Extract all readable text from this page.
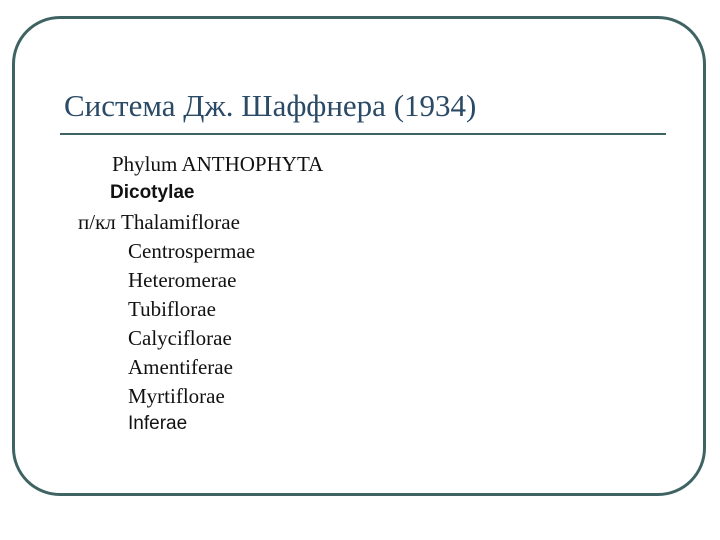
Система Дж. Шаффнера (1934)
Phylum ANTHOPHYTA
Dicotylae
п/кл Thalamiflorae
Centrospermae
Heteromerae
Tubiflorae
Calyciflorae
Amentiferae
Myrtiflorae
Inferae
